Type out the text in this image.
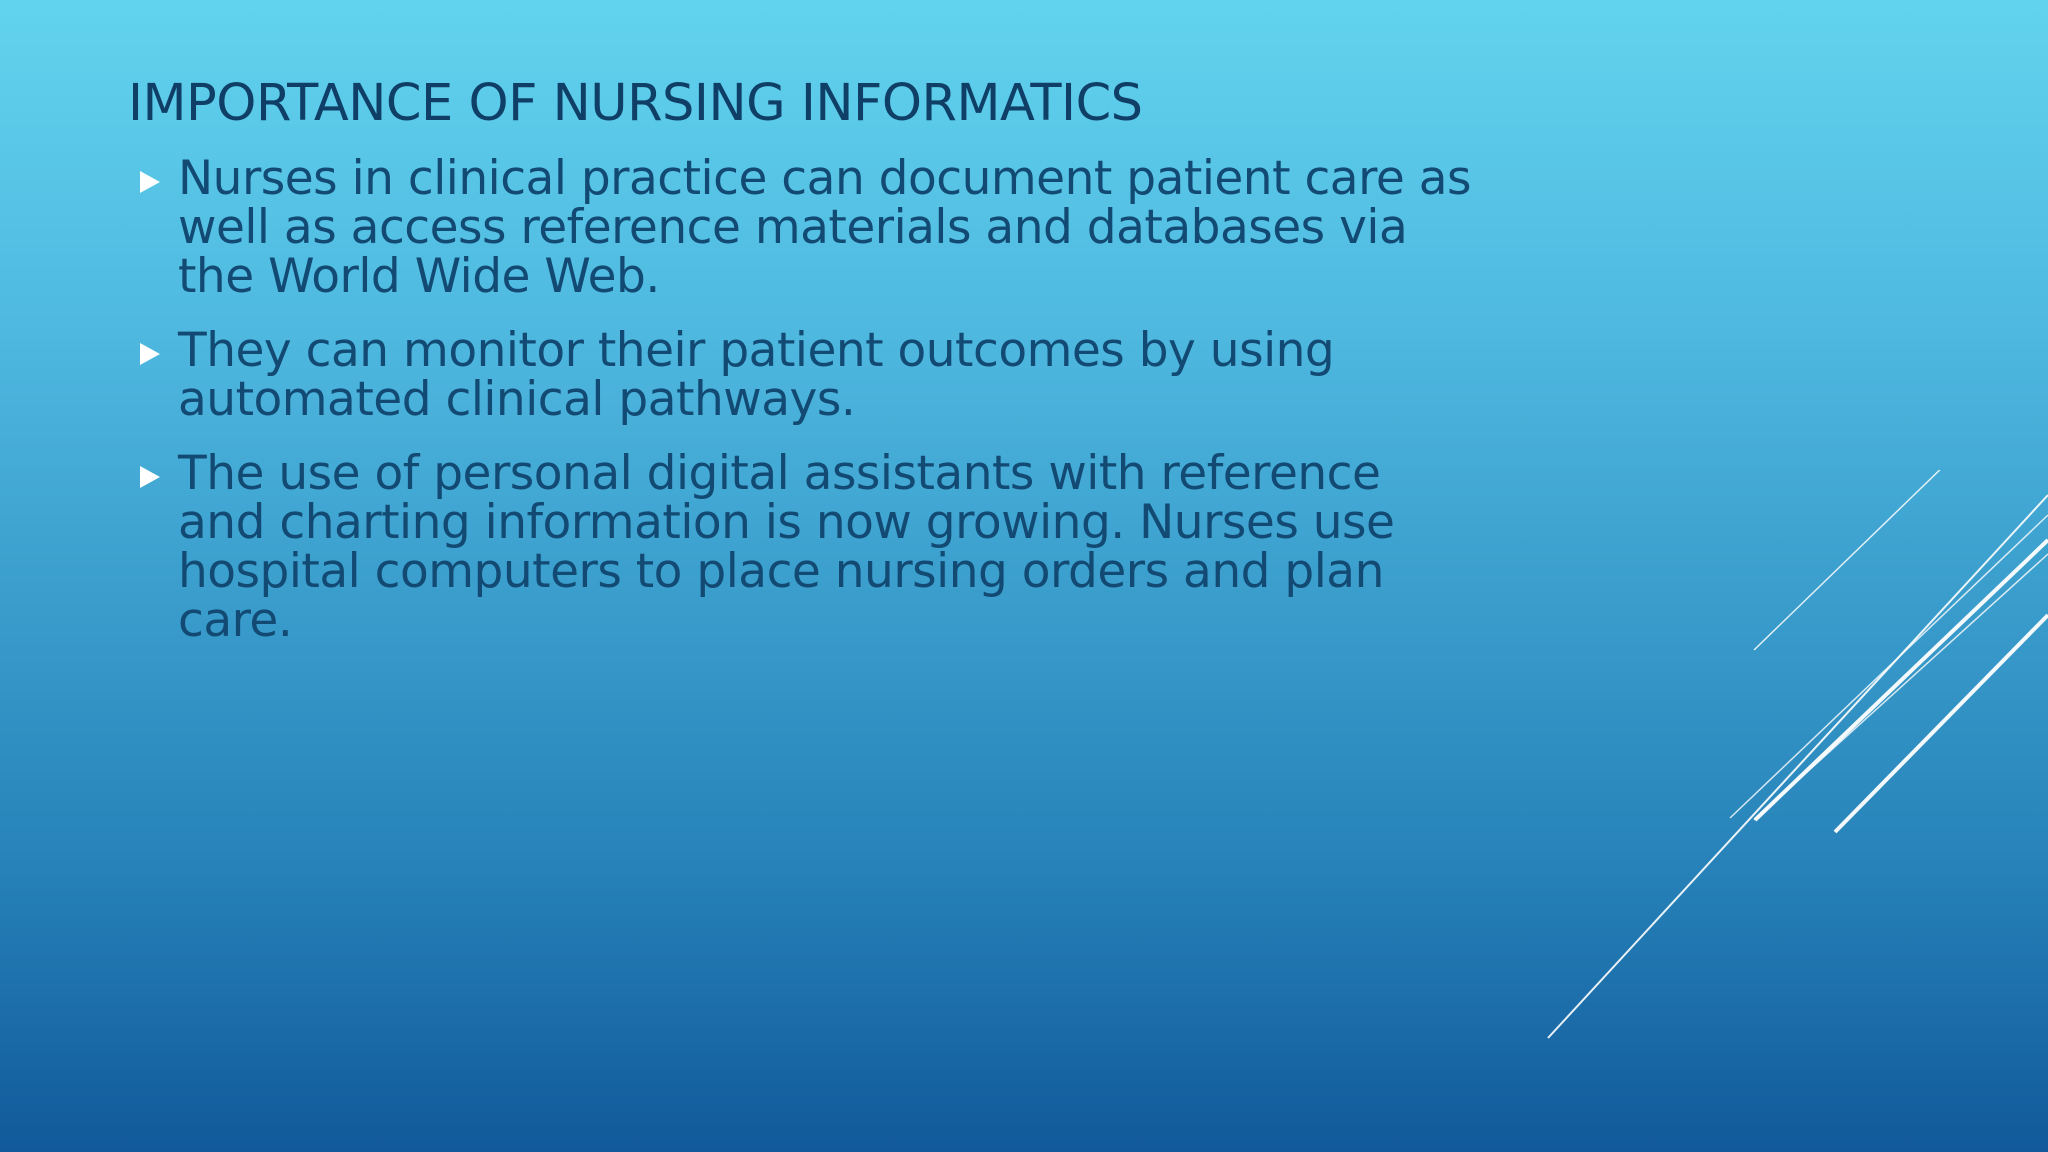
IMPORTANCE OF NURSING INFORMATICS
Nurses in clinical practice can document patient care as well as access reference materials and databases via the World Wide Web.
They can monitor their patient outcomes by using automated clinical pathways.
The use of personal digital assistants with reference and charting information is now growing. Nurses use hospital computers to place nursing orders and plan care.
